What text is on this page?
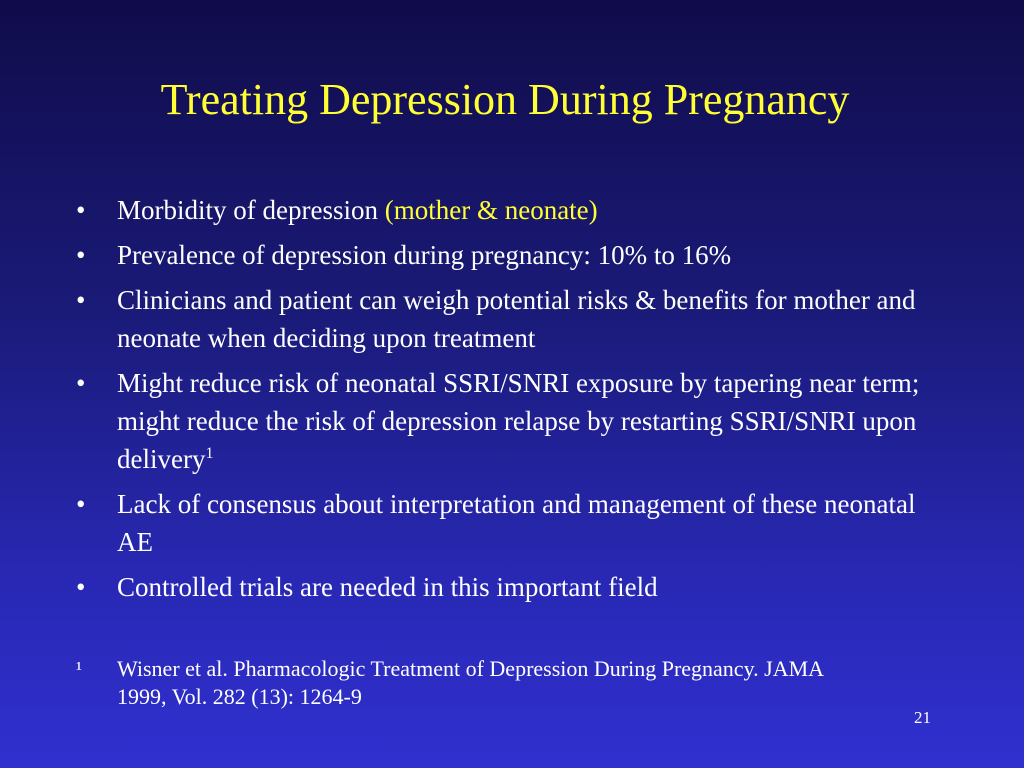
Treating Depression During Pregnancy
•	Morbidity of depression (mother & neonate)
•	Prevalence of depression during pregnancy: 10% to 16%
•	Clinicians and patient can weigh potential risks & benefits for mother and neonate when deciding upon treatment
•	Might reduce risk of neonatal SSRI/SNRI exposure by tapering near term; might reduce the risk of depression relapse by restarting SSRI/SNRI upon delivery$^1$
•	Lack of consensus about interpretation and management of these neonatal AE
•	Controlled trials are needed in this important field
¹	Wisner et al. Pharmacologic Treatment of Depression During Pregnancy. JAMA 1999, Vol. 282 (13): 1264-9
21
